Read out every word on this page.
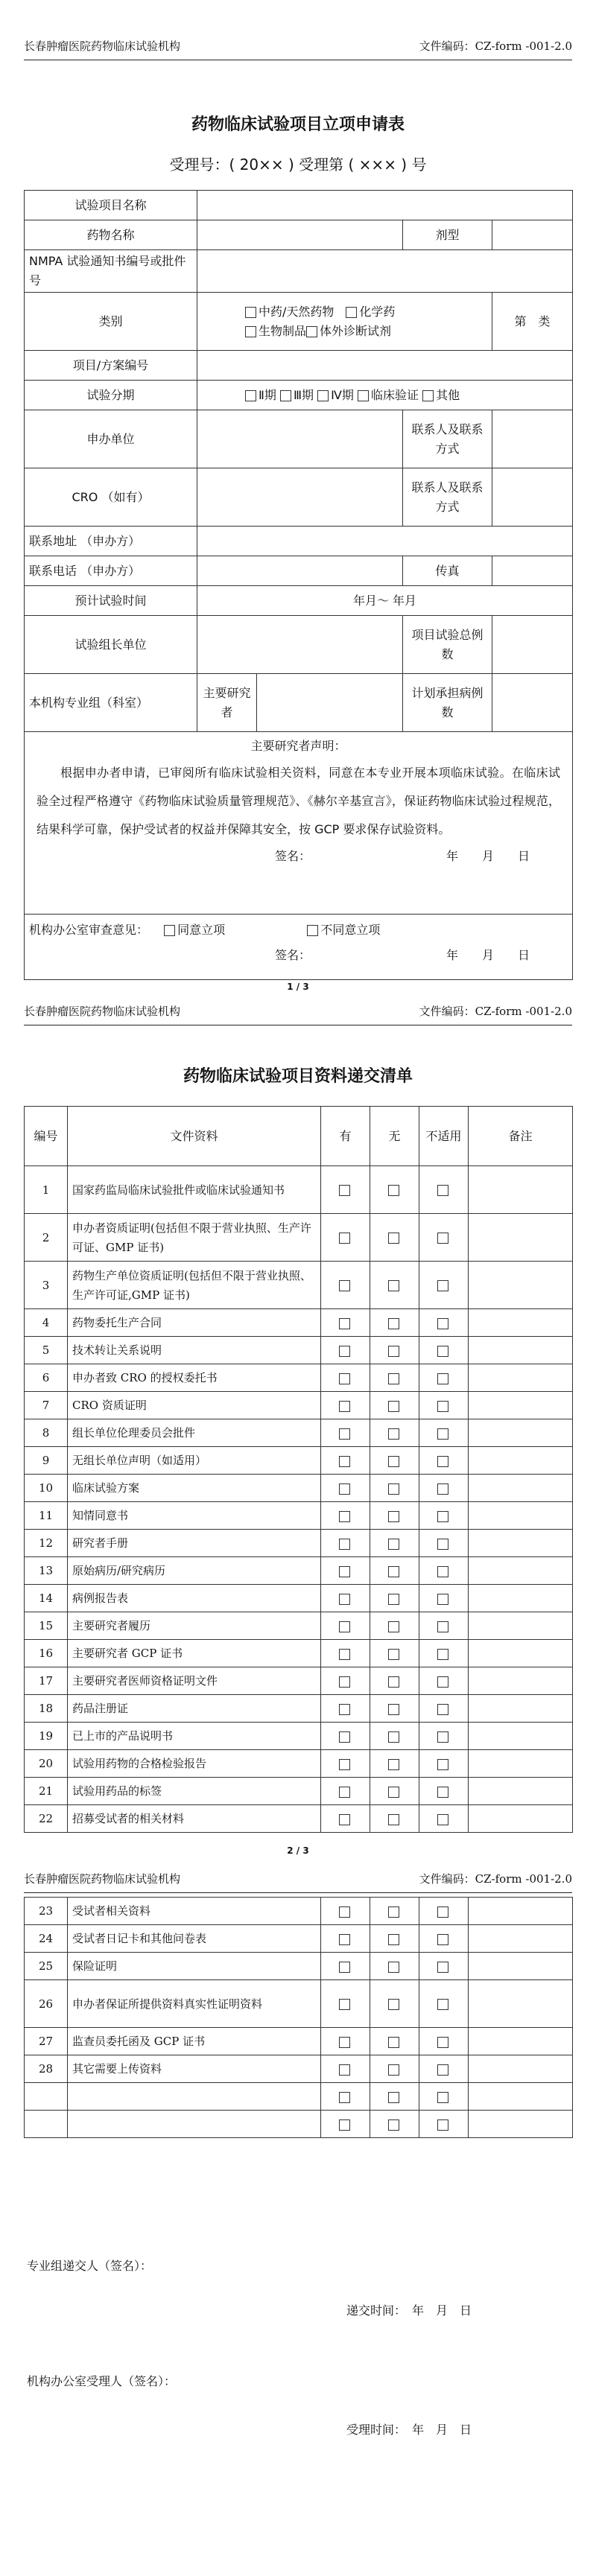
长春肿瘤医院药物临床试验机构	文件编码：CZ-form -001-2.0
药物临床试验项目立项申请表
受理号：( 20×× ) 受理第 ( ××× ) 号
试验项目名称				
药物名称			剂型	
NMPA 试验通知书编号或批件号				
类别	中药/天然药物　 化学药
生物制品 体外诊断试剂			第　类
项目/方案编号				
试验分期	Ⅱ期 Ⅲ期 Ⅳ期 临床验证 其他			
申办单位			联系人及联系方式	
CRO （如有）			联系人及联系方式	
联系地址 （申办方）				
联系电话 （申办方）			传真	
预计试验时间	年月～ 年月			
试验组长单位			项目试验总例数	
本机构专业组（科室）	主要研究者		计划承担病例数	

主要研究者声明：
根据申办者申请，已审阅所有临床试验相关资料，同意在本专业开展本项临床试验。在临床试验全过程严格遵守《药物临床试验质量管理规范》、《赫尔辛基宣言》，保证药物临床试验过程规范，结果科学可靠，保护受试者的权益并保障其安全，按 GCP 要求保存试验资料。
签名： 年　　月　　日				

机构办公室审查意见： 　 同意立项 不同意立项
签名： 年　　月　　日				
1 / 3
长春肿瘤医院药物临床试验机构	文件编码：CZ-form -001-2.0
药物临床试验项目资料递交清单
编号	文件资料	有	无	不适用	备注
1	国家药监局临床试验批件或临床试验通知书				
2	申办者资质证明(包括但不限于营业执照、生产许可证、GMP 证书)				
3	药物生产单位资质证明(包括但不限于营业执照、生产许可证,GMP 证书)				
4	药物委托生产合同				
5	技术转让关系说明				
6	申办者致 CRO 的授权委托书				
7	CRO 资质证明				
8	组长单位伦理委员会批件				
9	无组长单位声明（如适用）				
10	临床试验方案				
11	知情同意书				
12	研究者手册				
13	原始病历/研究病历				
14	病例报告表				
15	主要研究者履历				
16	主要研究者 GCP 证书				
17	主要研究者医师资格证明文件				
18	药品注册证				
19	已上市的产品说明书				
20	试验用药物的合格检验报告				
21	试验用药品的标签				
22	招募受试者的相关材料				
2 / 3
长春肿瘤医院药物临床试验机构	文件编码：CZ-form -001-2.0
23	受试者相关资料				
24	受试者日记卡和其他问卷表				
25	保险证明				
26	申办者保证所提供资料真实性证明资料				
27	监查员委托函及 GCP 证书				
28	其它需要上传资料				

专业组递交人（签名）：
递交时间：　年　月　日
机构办公室受理人（签名）：
受理时间：　年　月　日
